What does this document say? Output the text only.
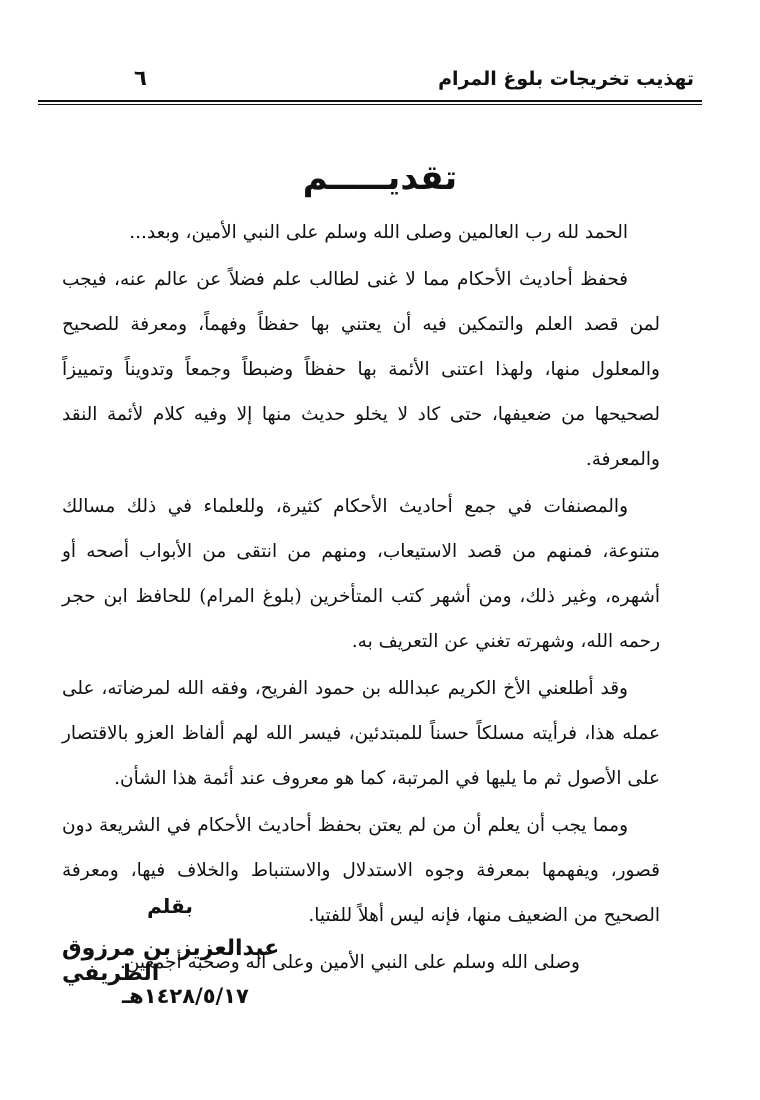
تهذيب تخريجات بلوغ المرام
٦
تقديـــــم

الحمد لله رب العالمين وصلى الله وسلم على النبي الأمين، وبعد...

فحفظ أحاديث الأحكام مما لا غنى لطالب علم فضلاً عن عالم عنه، فيجب لمن قصد العلم والتمكين فيه أن يعتني بها حفظاً وفهماً، ومعرفة للصحيح والمعلول منها، ولهذا اعتنى الأئمة بها حفظاً وضبطاً وجمعاً وتدويناً وتمييزاً لصحيحها من ضعيفها، حتى كاد لا يخلو حديث منها إلا وفيه كلام لأئمة النقد والمعرفة.

والمصنفات في جمع أحاديث الأحكام كثيرة، وللعلماء في ذلك مسالك متنوعة، فمنهم من قصد الاستيعاب، ومنهم من انتقى من الأبواب أصحه أو أشهره، وغير ذلك، ومن أشهر كتب المتأخرين (بلوغ المرام) للحافظ ابن حجر رحمه الله، وشهرته تغني عن التعريف به.

وقد أطلعني الأخ الكريم عبدالله بن حمود الفريح، وفقه الله لمرضاته، على عمله هذا، فرأيته مسلكاً حسناً للمبتدئين، فيسر الله لهم ألفاظ العزو بالاقتصار على الأصول ثم ما يليها في المرتبة، كما هو معروف عند أئمة هذا الشأن.

ومما يجب أن يعلم أن من لم يعتن بحفظ أحاديث الأحكام في الشريعة دون قصور، ويفهمها بمعرفة وجوه الاستدلال والاستنباط والخلاف فيها، ومعرفة الصحيح من الضعيف منها، فإنه ليس أهلاً للفتيا.

وصلى الله وسلم على النبي الأمين وعلى آله وصحبه أجمعين.

بقلم
عبدالعزيز بن مرزوق الطريفي
١٤٢٨/٥/١٧هـ
